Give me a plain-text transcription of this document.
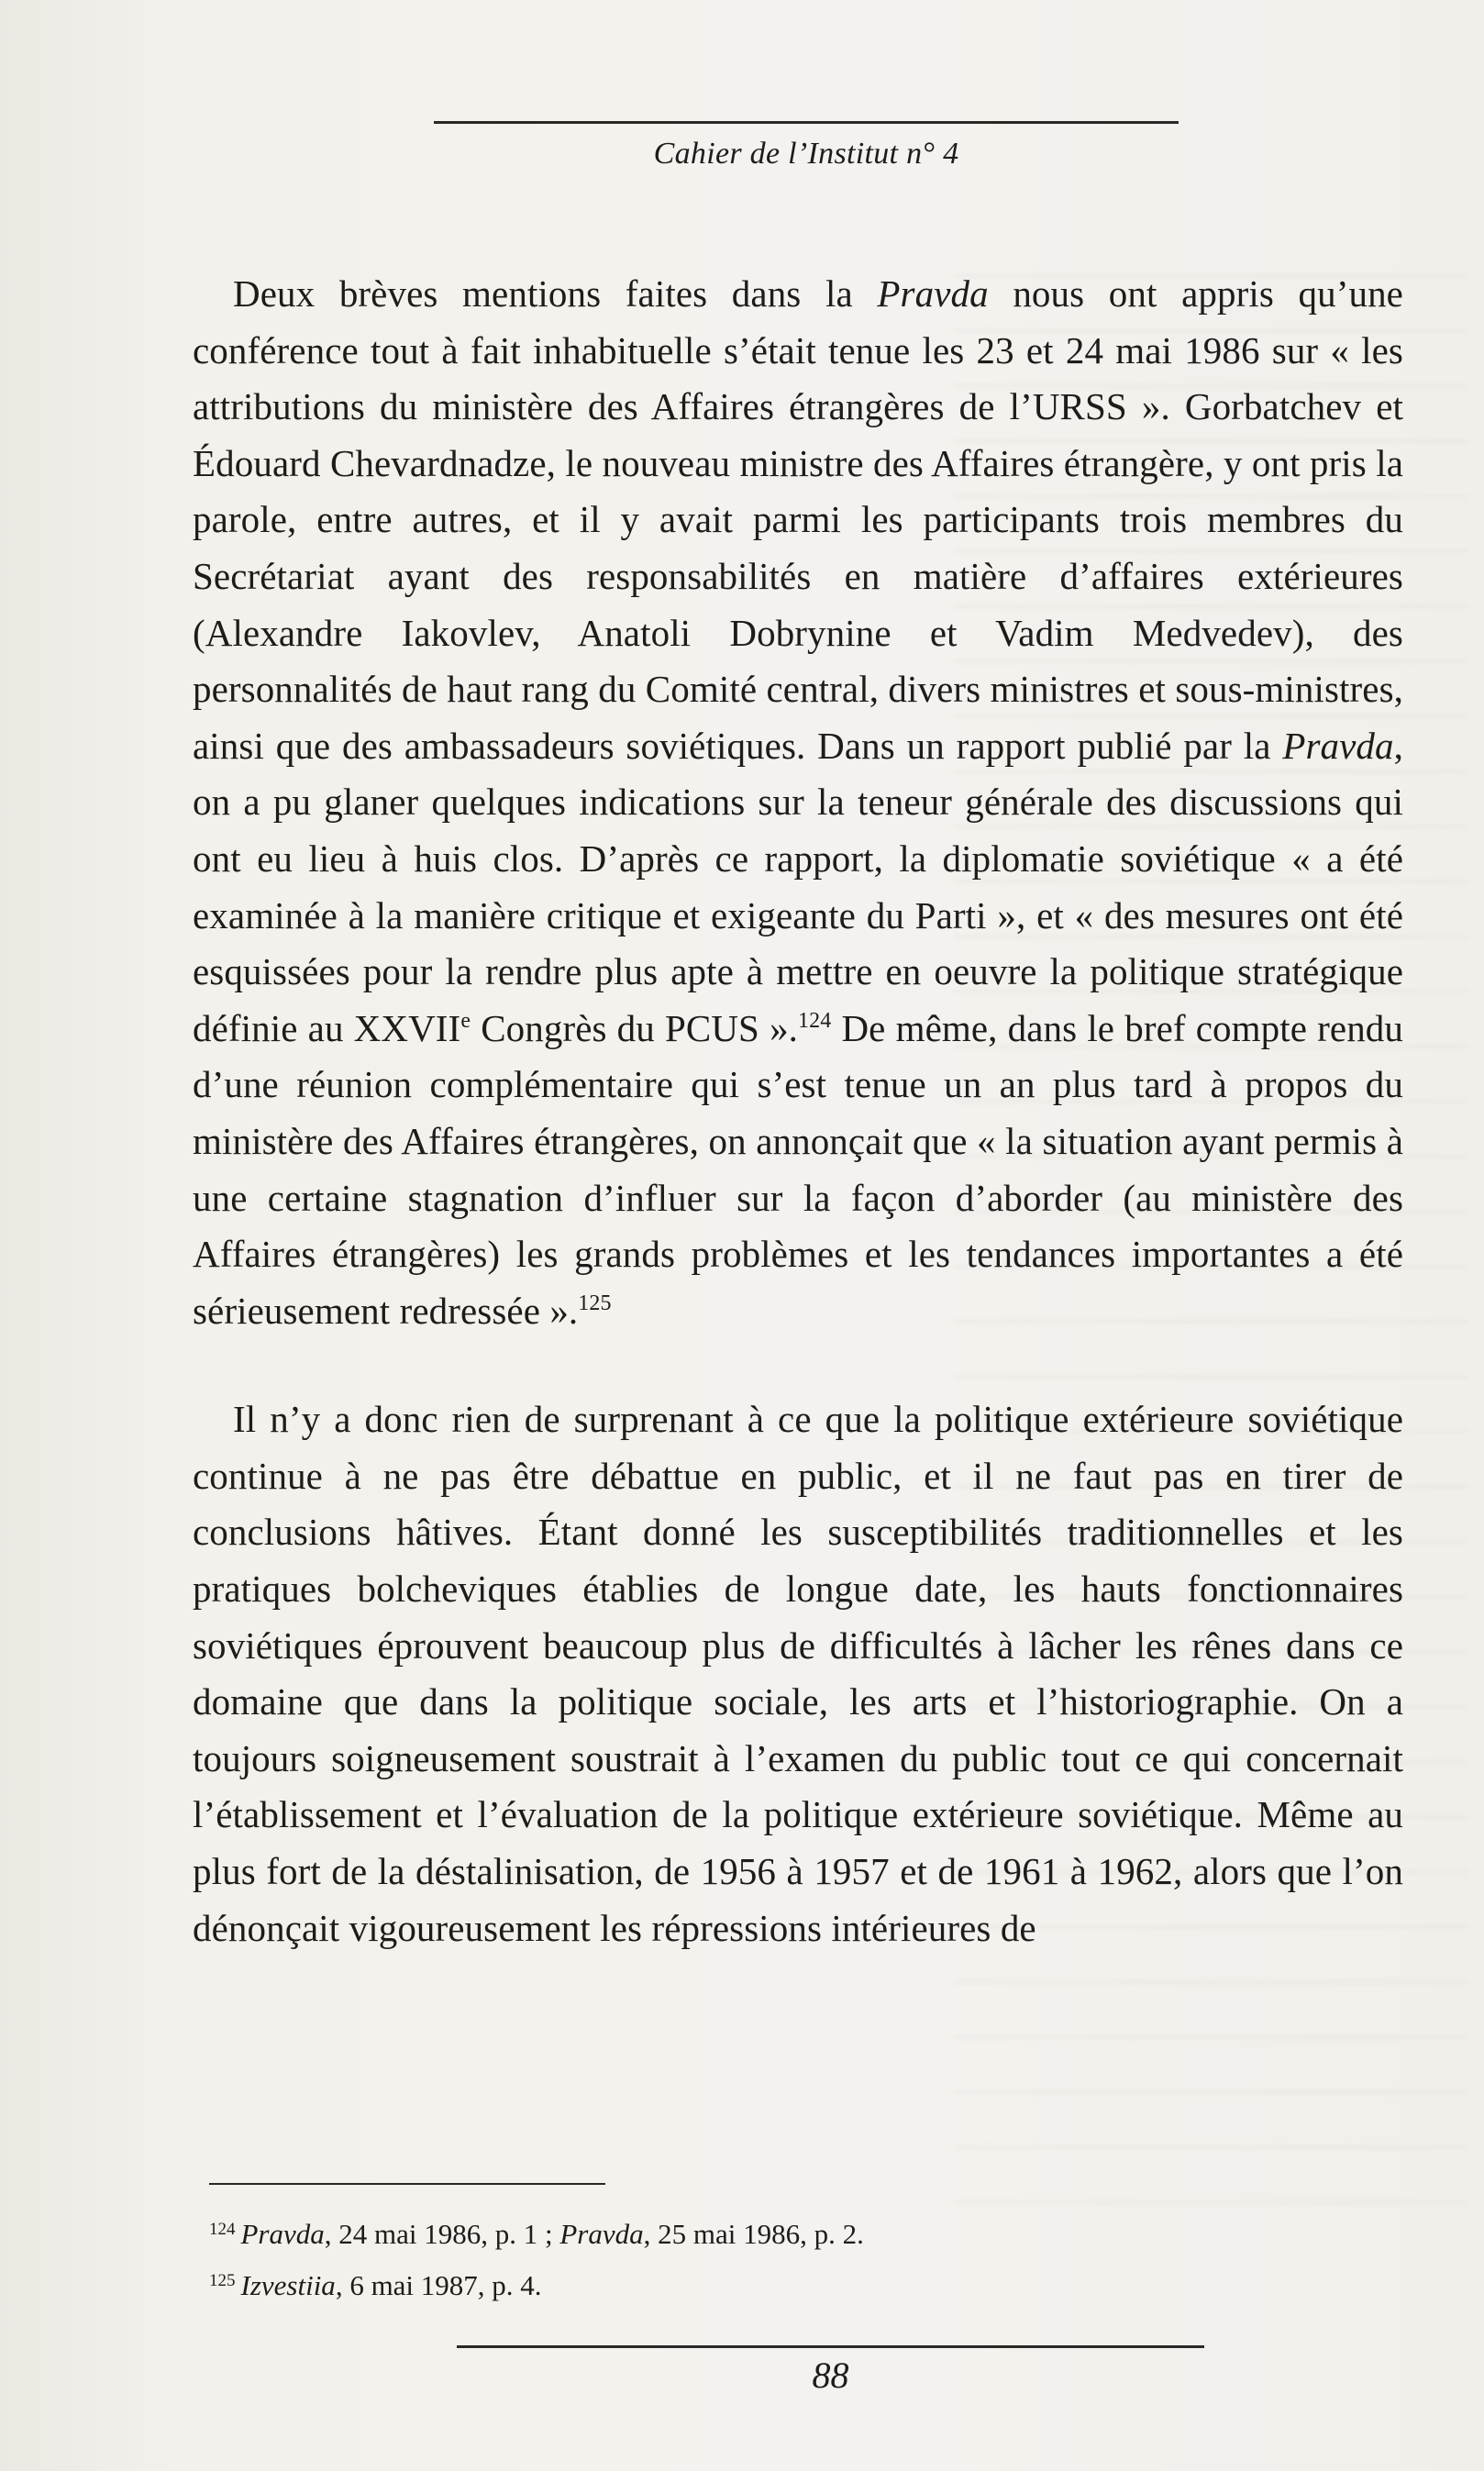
Cahier de l’Institut n° 4

Deux brèves mentions faites dans la Pravda nous ont appris qu’une conférence tout à fait inhabituelle s’était tenue les 23 et 24 mai 1986 sur « les attributions du ministère des Affaires étrangères de l’URSS ». Gorbatchev et Édouard Chevardnadze, le nouveau ministre des Affaires étrangère, y ont pris la parole, entre autres, et il y avait parmi les participants trois membres du Secrétariat ayant des responsabilités en matière d’affaires extérieures (Alexandre Iakovlev, Anatoli Dobrynine et Vadim Medvedev), des personnalités de haut rang du Comité central, divers ministres et sous-ministres, ainsi que des ambassadeurs soviétiques. Dans un rapport publié par la Pravda, on a pu glaner quelques indications sur la teneur générale des discussions qui ont eu lieu à huis clos. D’après ce rapport, la diplomatie soviétique « a été examinée à la manière critique et exigeante du Parti », et « des mesures ont été esquissées pour la rendre plus apte à mettre en oeuvre la politique stratégique définie au XXVIIe Congrès du PCUS ».$^{124}$ De même, dans le bref compte rendu d’une réunion complémentaire qui s’est tenue un an plus tard à propos du ministère des Affaires étrangères, on annonçait que « la situation ayant permis à une certaine stagnation d’influer sur la façon d’aborder (au ministère des Affaires étrangères) les grands problèmes et les tendances importantes a été sérieusement redressée ».$^{125}$

Il n’y a donc rien de surprenant à ce que la politique extérieure soviétique continue à ne pas être débattue en public, et il ne faut pas en tirer de conclusions hâtives. Étant donné les susceptibilités traditionnelles et les pratiques bolcheviques établies de longue date, les hauts fonctionnaires soviétiques éprouvent beaucoup plus de difficultés à lâcher les rênes dans ce domaine que dans la politique sociale, les arts et l’historiographie. On a toujours soigneusement soustrait à l’examen du public tout ce qui concernait l’établissement et l’évaluation de la politique extérieure soviétique. Même au plus fort de la déstalinisation, de 1956 à 1957 et de 1961 à 1962, alors que l’on dénonçait vigoureusement les répressions intérieures de

$^{124}$ Pravda, 24 mai 1986, p. 1 ; Pravda, 25 mai 1986, p. 2.
$^{125}$ Izvestiia, 6 mai 1987, p. 4.
88
